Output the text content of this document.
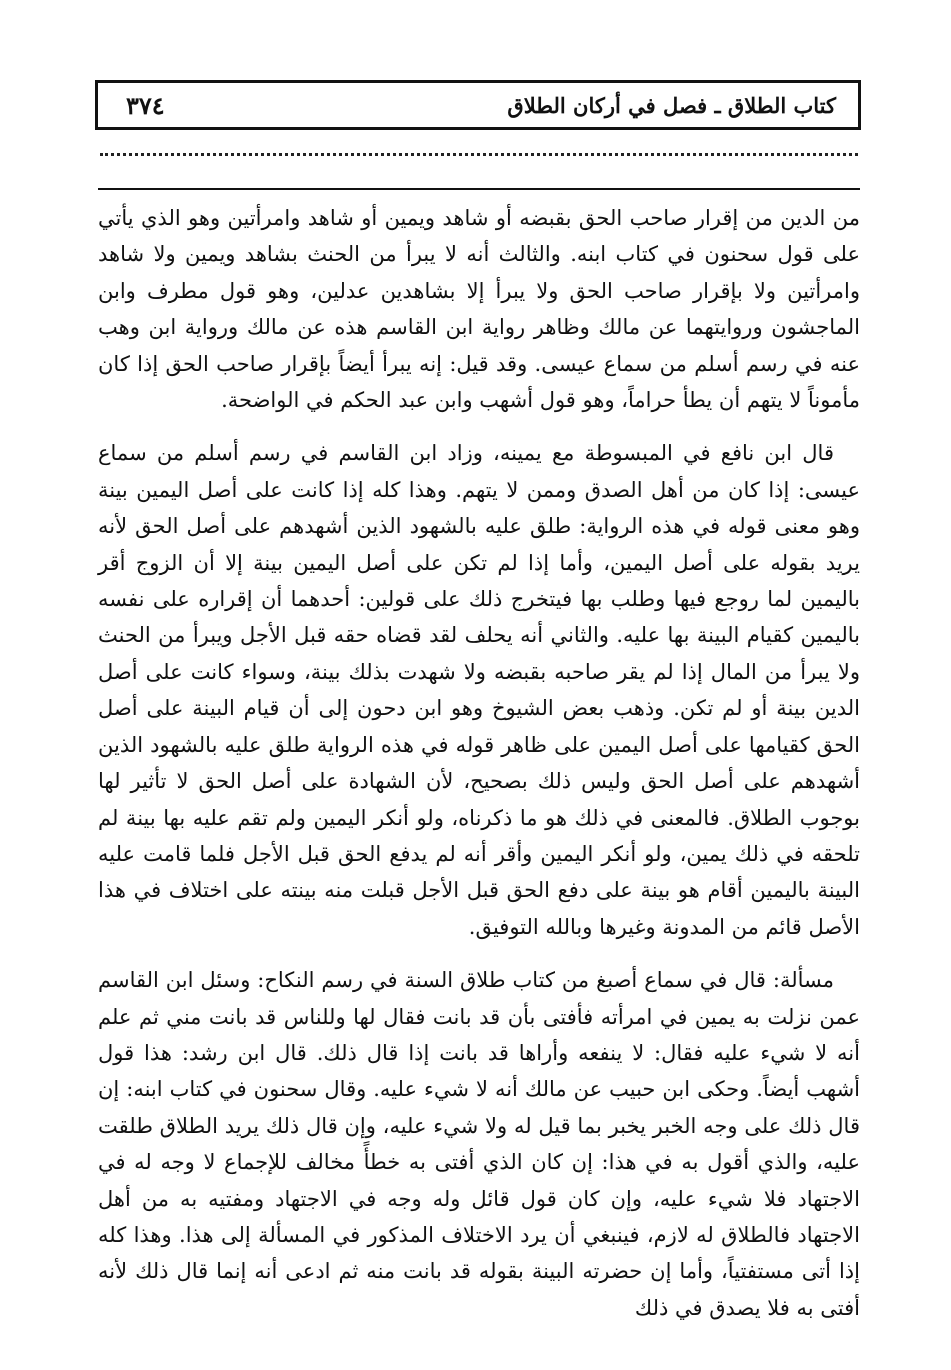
٣٧٤	كتاب الطلاق ـ فصل في أركان الطلاق

من الدين من إقرار صاحب الحق بقبضه أو شاهد ويمين أو شاهد وامرأتين وهو الذي يأتي على قول سحنون في كتاب ابنه. والثالث أنه لا يبرأ من الحنث بشاهد ويمين ولا شاهد وامرأتين ولا بإقرار صاحب الحق ولا يبرأ إلا بشاهدين عدلين، وهو قول مطرف وابن الماجشون وروايتهما عن مالك وظاهر رواية ابن القاسم هذه عن مالك ورواية ابن وهب عنه في رسم أسلم من سماع عيسى. وقد قيل: إنه يبرأ أيضاً بإقرار صاحب الحق إذا كان مأموناً لا يتهم أن يطأ حراماً، وهو قول أشهب وابن عبد الحكم في الواضحة.

قال ابن نافع في المبسوطة مع يمينه، وزاد ابن القاسم في رسم أسلم من سماع عيسى: إذا كان من أهل الصدق وممن لا يتهم. وهذا كله إذا كانت على أصل اليمين بينة وهو معنى قوله في هذه الرواية: طلق عليه بالشهود الذين أشهدهم على أصل الحق لأنه يريد بقوله على أصل اليمين، وأما إذا لم تكن على أصل اليمين بينة إلا أن الزوج أقر باليمين لما روجع فيها وطلب بها فيتخرج ذلك على قولين: أحدهما أن إقراره على نفسه باليمين كقيام البينة بها عليه. والثاني أنه يحلف لقد قضاه حقه قبل الأجل ويبرأ من الحنث ولا يبرأ من المال إذا لم يقر صاحبه بقبضه ولا شهدت بذلك بينة، وسواء كانت على أصل الدين بينة أو لم تكن. وذهب بعض الشيوخ وهو ابن دحون إلى أن قيام البينة على أصل الحق كقيامها على أصل اليمين على ظاهر قوله في هذه الرواية طلق عليه بالشهود الذين أشهدهم على أصل الحق وليس ذلك بصحيح، لأن الشهادة على أصل الحق لا تأثير لها بوجوب الطلاق. فالمعنى في ذلك هو ما ذكرناه، ولو أنكر اليمين ولم تقم عليه بها بينة لم تلحقه في ذلك يمين، ولو أنكر اليمين وأقر أنه لم يدفع الحق قبل الأجل فلما قامت عليه البينة باليمين أقام هو بينة على دفع الحق قبل الأجل قبلت منه بينته على اختلاف في هذا الأصل قائم من المدونة وغيرها وبالله التوفيق.

مسألة: قال في سماع أصبغ من كتاب طلاق السنة في رسم النكاح: وسئل ابن القاسم عمن نزلت به يمين في امرأته فأفتى بأن قد بانت فقال لها وللناس قد بانت مني ثم علم أنه لا شيء عليه فقال: لا ينفعه وأراها قد بانت إذا قال ذلك. قال ابن رشد: هذا قول أشهب أيضاً. وحكى ابن حبيب عن مالك أنه لا شيء عليه. وقال سحنون في كتاب ابنه: إن قال ذلك على وجه الخبر يخبر بما قيل له ولا شيء عليه، وإن قال ذلك يريد الطلاق طلقت عليه، والذي أقول به في هذا: إن كان الذي أفتى به خطأً مخالف للإجماع لا وجه له في الاجتهاد فلا شيء عليه، وإن كان قول قائل وله وجه في الاجتهاد ومفتيه به من أهل الاجتهاد فالطلاق له لازم، فينبغي أن يرد الاختلاف المذكور في المسألة إلى هذا. وهذا كله إذا أتى مستفتياً، وأما إن حضرته البينة بقوله قد بانت منه ثم ادعى أنه إنما قال ذلك لأنه أفتى به فلا يصدق في ذلك
